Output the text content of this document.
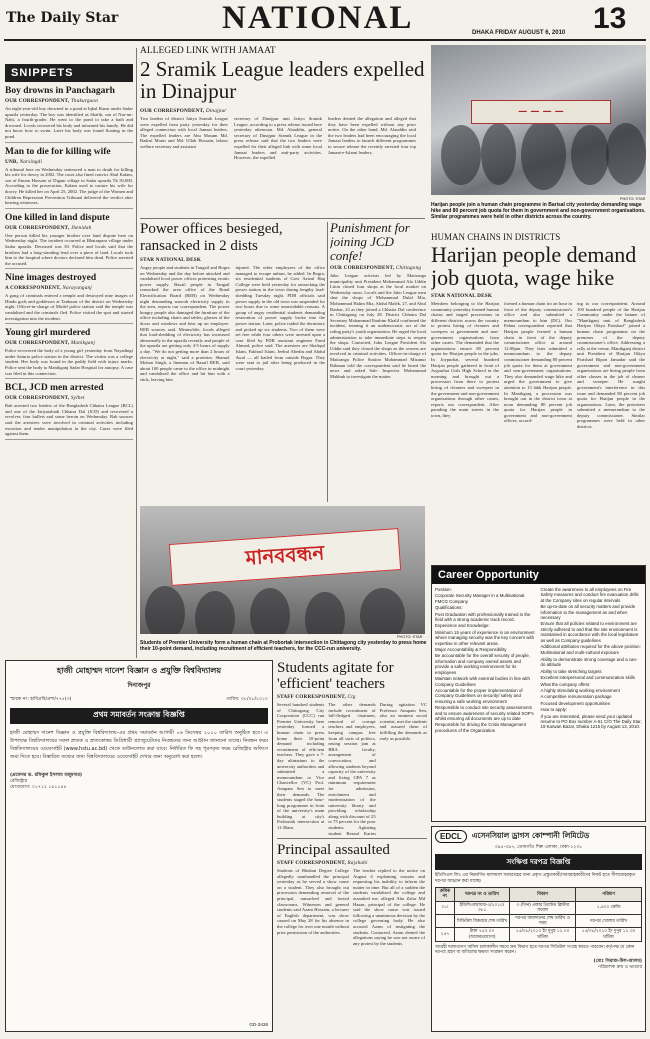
The Daily Star	NATIONAL	13
DHAKA FRIDAY AUGUST 6, 2010
SNIPPETS
Boy drowns in Panchagarh
OUR CORRESPONDENT, Thakurgaon
An eight-year-old boy drowned in a pond at Iqbal Bazar under Sadar upazila yesterday. The boy was identified as Shafik, son of Nur-un-Nabi, a fourth-grader. He went to the pond to take a bath and drowned. Locals recovered his body and informed his family. He did not know how to swim. Later his body was found floating in the pond.
Man to die for killing wife
UNB, Narsingdi
A tribunal here on Wednesday sentenced a man to death for killing his wife for dowry in 2002. The court also fined convict Abul Kalam, son of Emam Hossain of Digam village in Sadar upazila Tk 50,000. According to the prosecution, Kalam used to torture his wife for dowry. He killed her on April 25, 2002. The judge of the Women and Children Repression Prevention Tribunal delivered the verdict after hearing witnesses.
One killed in land dispute
OUR CORRESPONDENT, Jhenidah
One person killed his younger brother over land dispute here on Wednesday night. The incident occurred at Bhatrapara village under Sadar upazila. Deceased was 30. Police and locals said that the brothers had a long-standing feud over a piece of land. Locals took him to the hospital where doctors declared him dead. Police arrested the accused.
Nine images destroyed
A CORRESPONDENT, Narayanganj
A gang of criminals entered a temple and destroyed nine images of Hindu gods and goddesses at Tanbazar of the district on Wednesday night. Officer-in-charge of Model police station said the temple was vandalised and the criminals fled. Police visited the spot and started investigation into the incident.
Young girl murdered
OUR CORRESPONDENT, Manikganj
Police recovered the body of a young girl yesterday from Nayadingi under Saturia police station in the district. The victim was a college student. Her body was found in the paddy field with injury marks. Police sent the body to Manikganj Sadar Hospital for autopsy. A case was filed in this connection.
BCL, JCD men arrested
OUR CORRESPONDENT, Sylhet
Rab arrested two leaders of the Bangladesh Chhatra League (BCL) and one of the Jatiyatabadi Chhatra Dal (JCD) and recovered a revolver, four bullets and some heroin on Wednesday. Rab sources said the arrestees were involved in criminal activities including extortion and tender manipulation in the city. Cases were filed against them.
ALLEGED LINK WITH JAMAAT
2 Sramik League leaders expelled in Dinajpur
OUR CORRESPONDENT, Dinajpur
Two leaders of district Jatiyo Sramik League were expelled from party yesterday for their alleged connection with local Jamaat leaders. The expelled leaders are Abu Masum Md. Badrul Monir and Md. Ullah Hossain, labour welfare secretary and assistant
secretary of Dinajpur unit Jatiyo Sramik League, according to a press release issued here yesterday afternoon. Md. Alauddin, general secretary of Dinajpur Sramik League in the press release said that the two leaders were expelled for their alleged link with some local Jamaat leaders and anti-party activities. However, the expelled
leaders denied the allegation and alleged that they have been expelled without any prior notice. On the other hand, Md. Alauddin said the two leaders had been encouraging the local Jamaat leaders to launch different programmes to secure release the recently arrested four top Jamaat-e-Islami leaders.
— — — —
PHOTO: STAR
Harijan people join a human chain programme in Barisal city yesterday demanding wage hike and 80 percent job quota for them in government and non-government organisations. Similar programmes were held in other districts across the country.
Power offices besieged, ransacked in 2 dists
STAR NATIONAL DESK
Angry people and students in Tangail and Bogra on Wednesday and the day before attacked and vandalised local power offices protesting erratic power supply. Basail people in Tangail ransacked the area office of the Rural Electrification Board (REB) on Wednesday night demanding smooth electricity supply in the area, reports our correspondent. The power hungry people also damaged the furniture of the office including chairs and tables, glasses of the doors and windows and beat up an employee. REB sources said. Meanwhile, locals alleged that load-shedding of electricity has increased abnormally in the upazila recently and people of the upazila are getting only 4-5 hours of supply a day. "We do not getting more than 2 hours of electricity at night," said a protester. Shamol Mohan Singh, a lineman of Basail REB, said about 100 people came to the office in midnight and vandalised the office and hit him with a stick, leaving him
injured. The other employees of the office managed to escape unhurt, he added. In Bogra, six residential students of Govt Azizul Haq College were held yesterday for ransacking the power station in the town during lengthy load-shedding Tuesday night. PDB officials said power supply in the old town was suspended for two hours due to some unavoidable reasons. A group of angry residential students demanding restoration of power supply broke into the power station. Later, police raided the dormitory and picked up six students. Two of them were set free while four others were arrested upon a case filed by PDB assistant engineer Farid Ahmed, police said. The arrestees are Shafiqul Islam, Fakhrul Islam, Jeebul Abedin and Abdul Awal — all hailed from outside Bogra. They were sent to jail after being produced in the court yesterday.
Punishment for joining JCD confe!
OUR CORRESPONDENT, Chittagong
Jubo League activists led by Matiranga municipality unit President Mohammad Ala Uddin Liton closed four shops at the local market on Wednesday noon. Locals and the Jubo League men shut the shops of Mohammad Dulal Mia, Mohammad Halim Mia, Abdul Malek, 27, and Abul Bashar, 23 as they joined a Chhatra Dal conference in Chittagong on July 28. District Chhatra Dal Secretary Mohammad Ibrahim Khalil confirmed the incident, terming it an undemocratic act of the ruling party's youth organisation. He urged the local administration to take immediate steps to reopen the shops. Contacted, Jubo League President Ala Uddin said they closed the shops as the owners are involved in criminal activities. Officer-in-charge of Matiranga Police Station Mohammad Mizanur Rahman told the correspondent said he heard the news and asked Sub- Inspector Mohammad Mahbub to investigate the matter.
HUMAN CHAINS IN DISTRICTS
Harijan people demand job quota, wage hike
STAR NATIONAL DESK
Members belonging to the Harijan community yesterday formed human chains and staged processions in different districts across the country to protest hiring of cleaners and sweepers at government and non-government organisations from other castes. The demanded that the organisations ensure 80 percent quota for Harijan people in the jobs. In Joypurhat, several hundred Harijan people gathered in front of Joypurhat Girls High School in the morning and brought out a procession from there to protest hiring of cleaners and sweepers in the government and non-government organisations through other castes, reports our correspondent. After parading the main streets in the town, they
formed a human chain for an hour in front of the deputy commissioner's office and also submitted a memorandum to him (DC). Our Pabna correspondent reported that Harijan people formed a human chain in front of the deputy commissioner office at around 12:00pm. They later submitted a memorandum to the deputy commissioner demanding 80 percent job quota for them at government and non-government organisations. They also demanded wage hike and urged the government to give attention to 13 lakh Harijan people. In Manikganj, a procession was brought out in the district town at noon demanding 80 percent job quota for Harijan people in government and non-government offices, accord-
ing to our correspondent. Around 100 hundred people of the Harijan Community under the banner of "Manikganj unit of Bangladesh Harijan Oikya Parishad" joined a human chain programme on the premises of the deputy commissioner's office. Addressing a rally at the venue, Manikganj district unit President of Harijan Oikya Parishad Bipon Jamadar said the government and non-government organisations are hiring people from other classes in the job of cleaner and sweeper. He sought government's interference in this issue and demanded 80 percent job quota for Harijan people in the organisations. Later, the protesters submitted a memorandum to the deputy commissioner. Similar programmes were held in other districts.
মানববন্ধন
PHOTO: STAR
Students of Premier University form a human chain at Probortak intersection in Chittagong city yesterday to press home their 10-point demand, including recruitment of efficient teachers, for the CCC-run university.
Career Opportunity
Position:
Corporate Security Manager in a Multinational FMCG Company
Qualifications:
Post Graduation with professionally trained in the field with a strong academic track record.
Experience and Knowledge:
Minimum 15 years of experience in an environment where managing security was the key concern with expertise in other relevant areas.
Major Accountability & Responsibility
Be accountable for the overall security of people, information and company owned assets and provide a safe working environment for its employees
Maintain network with external bodies in line with Company Guidelines
Accountable for the proper implementation of Company Guidelines on security/ safety and ensuring a safe working environment
Responsible to conduct site security assessments and to ensure awareness of security related SOP's whilst ensuring all documents are up to date
Responsible for driving the Crisis Management procedures of the Organization
Create the awareness to all employees on Fire Safety measures and conduct fire evacuation drills at the Company sites on regular intervals
Be up-to-date on all security matters and provide information to the management as and when necessary
Ensure that all policies related to environment are strictly adhered to and that the site environment is maintained in accordance with the local legislature as well as Company guidelines
Additional attributes required for the above position:
Multinational and multi-cultural exposure
Ability to demonstrate strong coverage and a can-do attitude
Ability to take stretching targets
Excellent interpersonal and communication skills
What the company offers:
A highly stimulating working environment
A competitive remuneration package
Focused development opportunities
How to apply:
If you are interested, please send your updated resume to PO Box number A-61 C/O The Daily Star, 19 Karwan Bazar, Dhaka 1215 by August 13, 2010.
হাজী মোহাম্মদ দানেশ বিজ্ঞান ও প্রযুক্তি বিশ্ববিদ্যালয়
দিনাজপুর
স্মারক নং: হাবিপ্রবি/প্রশা/৭৭৫(৩)	তারিখ: ০৮/০৮/২০১০
প্রথম সমাবর্তন সংক্রান্ত বিজ্ঞপ্তি
হাজী মোহাম্মদ দানেশ বিজ্ঞান ও প্রযুক্তি বিশ্ববিদ্যালয়-এর প্রথম সমাবর্তন আগামী ০৬ ডিসেম্বর ২০১০ তারিখ অনুষ্ঠিত হবে। এ উপলক্ষে বিশ্ববিদ্যালয়ের সকল স্নাতক ও স্নাতকোত্তর ডিগ্রিধারী গ্র্যাজুয়েটদের নিবন্ধনের জন্য আহ্বান জানানো যাচ্ছে। নিবন্ধন ফরম বিশ্ববিদ্যালয়ের ওয়েবসাইট (www.hstu.ac.bd) থেকে ডাউনলোড করা যাবে। নির্ধারিত ফি সহ পূরণকৃত ফরম রেজিস্ট্রার অফিসে জমা দিতে হবে। বিস্তারিত তথ্যের জন্য বিশ্ববিদ্যালয়ের ওয়েবসাইট দেখার জন্য অনুরোধ করা হলো।
(প্রফেসর ড. রফিকুল ইসলাম মজুমদার)
রেজিস্ট্রার
যোগাযোগ: ০১৭১২ ১৪১১৪৪
GD-3436
Students agitate for 'efficient' teachers
STAFF CORRESPONDENT, Ctg
Several hundred students of Chittagong City Corporation (CCC) run Premier University here yesterday formed a human chain to press home their 10-point demand including recruitment of efficient teachers. They gave a 7-day ultimatum to the university authorities and submitted a memorandum to Vice Chancellor (VC) Prof. Anupam Sen to meet their demands. The students staged the hour-long programme in front of the university's main building at city's Probortak intersection at 11:30am.
The other demands include recruitment of full-fledged chairmen, removal of corrupt teachers and employees, keeping campus free from all sorts of politics, easing session jam at BBA faculty, arrangement of convocation, and allowing students beyond capacity of the university and fixing GPA 7 as minimum requirement for admission, enrichment and modernisation of the university library and providing scholarship along with discount of 25 to 75 percent for the poor students. Agitating student Rezaul Karim
During agitation VC Professor Anupam Sen, also an eminent social scientist, met the students and assured them of fulfilling the demands as early as possible.
Principal assaulted
STAFF CORRESPONDENT, Rajshahi
Students of Bhuban Degree College allegedly manhandled the principal yesterday as he served a show cause on a student. They also brought out procession demanding removal of the principal, ransacked and looted classrooms. Witnesses and general students said Azam Hossain, a lecturer of English department, was show caused on May 28 for his absence in the college for over one month without prior permission of the authorities.
The teacher replied to the notice on August 4 explaining reasons and requesting his inability to inform the matter in time. But all of a sudden the students vandalised the college and assaulted me, alleged Abu Zafar Md Hasan, principal of the college. He said the show cause was issued following a unanimous decision by the college governing body. He also accused Azam of instigating the students. Contacted, Azam denied the allegations saying he was not aware of any protest by the students.
EDCL	এসেনসিয়াল ড্রাগস কোম্পানী লিমিটেড
৩৯৫-৩৯৭, তেজগাঁও শিল্প এলাকা, ঢাকা-১২০৮
সংক্ষিপ্ত দরপত্র বিজ্ঞপ্তি
ইডিসিএল লিঃ এর নিম্নবর্ণিত মালামাল সরবরাহের জন্য প্রকৃত প্রস্তুতকারী/সরবরাহকারীদের নিকট হতে সীলমোহরকৃত দরপত্র আহ্বান করা যাচ্ছে।
ক্রমিক নং	দরপত্র নং ও তারিখ	বিবরণ	পরিমাণ
০১।	ইডিসিএল/আর-৩/২০১০/ ৩৮১	৩ (তিন) প্রকার প্রিন্টেড ব্লিস্টার ফয়েল	১,৪০০ কেজি
	সিডিউল বিক্রয়ের শেষ তারিখ	দরপত্র জমাদানের শেষ তারিখ ও সময়	দরপত্র খোলার তারিখ
২৫৭	টাকা ৭৫০.০০ (অফেরতযোগ্য)	১৫/০৮/২০১০ ইং দুপুর ১২.০০ ঘটিকা	১৫/০৮/২০১০ ইং দুপুর ১২.৩০ ঘটিকা
আগ্রহী দরদাতাগণ অফিস চলাকালীন সময়ে ক্রয় বিভাগ হতে দরপত্র সিডিউল সংগ্রহ করতে পারবেন। কর্তৃপক্ষ যে কোন দরপত্র গ্রহণ বা বাতিলের ক্ষমতা সংরক্ষণ করেন।
(মোঃ সিরাজ-উল-আলম)
পরিচালক ক্রয় ও ভাণ্ডার
